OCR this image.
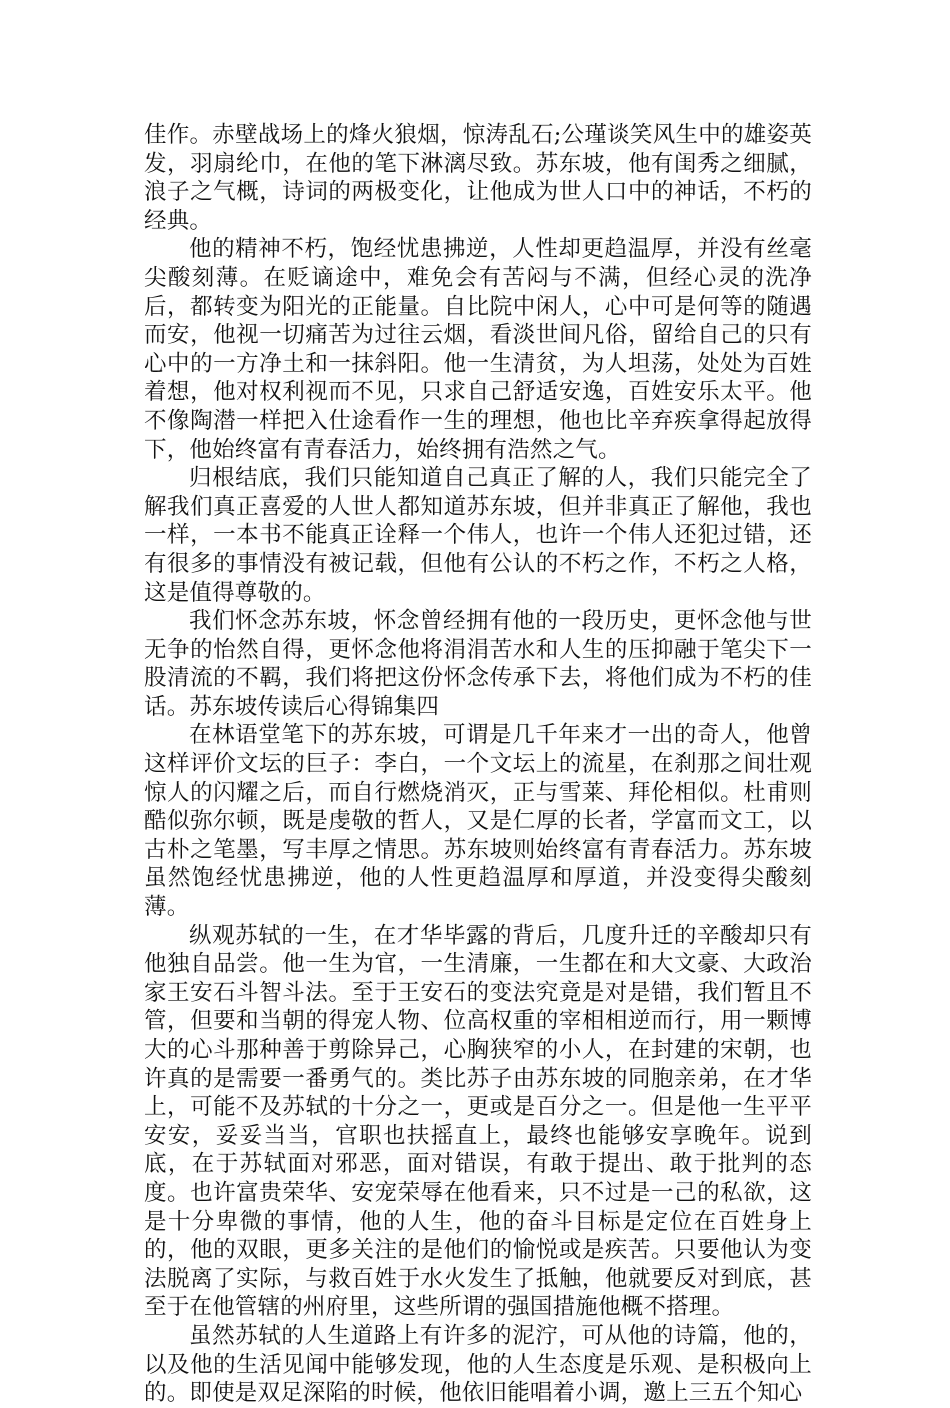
佳作。赤壁战场上的烽火狼烟，惊涛乱石;公瑾谈笑风生中的雄姿英发，羽扇纶巾，在他的笔下淋漓尽致。苏东坡，他有闺秀之细腻，浪子之气概，诗词的两极变化，让他成为世人口中的神话，不朽的经典。

他的精神不朽，饱经忧患拂逆，人性却更趋温厚，并没有丝毫尖酸刻薄。在贬谪途中，难免会有苦闷与不满，但经心灵的洗净后，都转变为阳光的正能量。自比院中闲人，心中可是何等的随遇而安，他视一切痛苦为过往云烟，看淡世间凡俗，留给自己的只有心中的一方净土和一抹斜阳。他一生清贫，为人坦荡，处处为百姓着想，他对权利视而不见，只求自己舒适安逸，百姓安乐太平。他不像陶潜一样把入仕途看作一生的理想，他也比辛弃疾拿得起放得下，他始终富有青春活力，始终拥有浩然之气。

归根结底，我们只能知道自己真正了解的人，我们只能完全了解我们真正喜爱的人世人都知道苏东坡，但并非真正了解他，我也一样，一本书不能真正诠释一个伟人，也许一个伟人还犯过错，还有很多的事情没有被记载，但他有公认的不朽之作，不朽之人格，这是值得尊敬的。

我们怀念苏东坡，怀念曾经拥有他的一段历史，更怀念他与世无争的怡然自得，更怀念他将涓涓苦水和人生的压抑融于笔尖下一股清流的不羁，我们将把这份怀念传承下去，将他们成为不朽的佳话。苏东坡传读后心得锦集四

在林语堂笔下的苏东坡，可谓是几千年来才一出的奇人，他曾这样评价文坛的巨子：李白，一个文坛上的流星，在刹那之间壮观惊人的闪耀之后，而自行燃烧消灭，正与雪莱、拜伦相似。杜甫则酷似弥尔顿，既是虔敬的哲人，又是仁厚的长者，学富而文工，以古朴之笔墨，写丰厚之情思。苏东坡则始终富有青春活力。苏东坡虽然饱经忧患拂逆，他的人性更趋温厚和厚道，并没变得尖酸刻薄。

纵观苏轼的一生，在才华毕露的背后，几度升迁的辛酸却只有他独自品尝。他一生为官，一生清廉，一生都在和大文豪、大政治家王安石斗智斗法。至于王安石的变法究竟是对是错，我们暂且不管，但要和当朝的得宠人物、位高权重的宰相相逆而行，用一颗博大的心斗那种善于剪除异己，心胸狭窄的小人，在封建的宋朝，也许真的是需要一番勇气的。类比苏子由苏东坡的同胞亲弟，在才华上，可能不及苏轼的十分之一，更或是百分之一。但是他一生平平安安，妥妥当当，官职也扶摇直上，最终也能够安享晚年。说到底，在于苏轼面对邪恶，面对错误，有敢于提出、敢于批判的态度。也许富贵荣华、安宠荣辱在他看来，只不过是一己的私欲，这是十分卑微的事情，他的人生，他的奋斗目标是定位在百姓身上的，他的双眼，更多关注的是他们的愉悦或是疾苦。只要他认为变法脱离了实际，与救百姓于水火发生了抵触，他就要反对到底，甚至于在他管辖的州府里，这些所谓的强国措施他概不搭理。

虽然苏轼的人生道路上有许多的泥泞，可从他的诗篇，他的，以及他的生活见闻中能够发现，他的人生态度是乐观、是积极向上的。即使是双足深陷的时候，他依旧能唱着小调，邀上三五个知心
